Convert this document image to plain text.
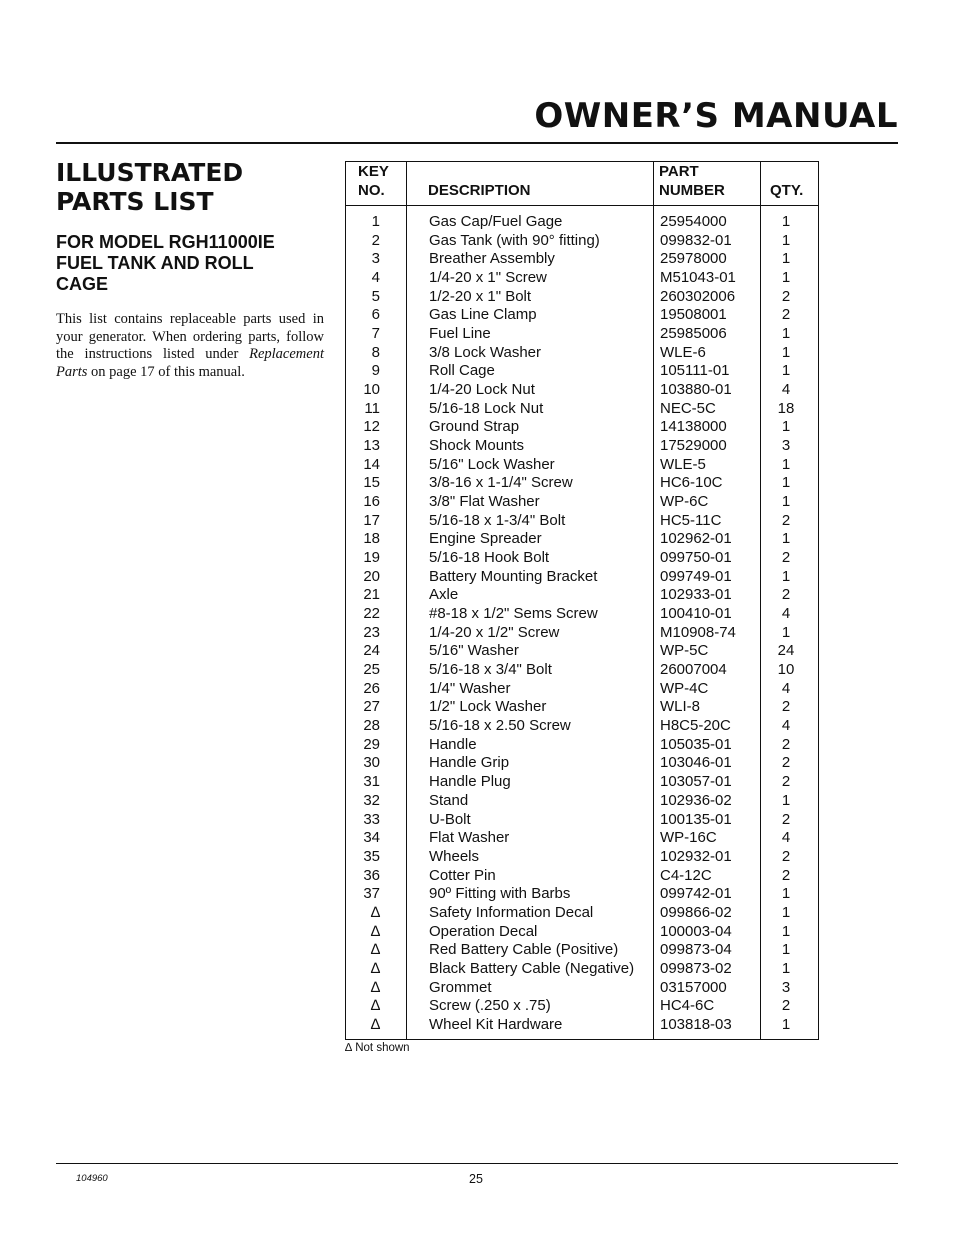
OWNER’S MANUAL
ILLUSTRATED
PARTS LIST
FOR MODEL RGH11000IE
FUEL TANK AND ROLL
CAGE

This list contains replaceable parts used in your generator. When ordering parts, follow the instructions listed under Replacement Parts on page 17 of this manual.

KEY
NO.	DESCRIPTION
PART
NUMBER	QTY.
1	Gas Cap/Fuel Gage	25954000	1
2	Gas Tank (with 90° fitting)	099832-01	1
3	Breather Assembly	25978000	1
4	1/4-20 x 1" Screw	M51043-01	1
5	1/2-20 x 1" Bolt	260302006	2
6	Gas Line Clamp	19508001	2
7	Fuel Line	25985006	1
8	3/8 Lock Washer	WLE-6	1
9	Roll Cage	105111-01	1
10	1/4-20 Lock Nut	103880-01	4
11	5/16-18 Lock Nut	NEC-5C	18
12	Ground Strap	14138000	1
13	Shock Mounts	17529000	3
14	5/16" Lock Washer	WLE-5	1
15	3/8-16 x 1-1/4" Screw	HC6-10C	1
16	3/8" Flat Washer	WP-6C	1
17	5/16-18 x 1-3/4" Bolt	HC5-11C	2
18	Engine Spreader	102962-01	1
19	5/16-18 Hook Bolt	099750-01	2
20	Battery Mounting Bracket	099749-01	1
21	Axle	102933-01	2
22	#8-18 x 1/2" Sems Screw	100410-01	4
23	1/4-20 x 1/2" Screw	M10908-74	1
24	5/16" Washer	WP-5C	24
25	5/16-18 x 3/4" Bolt	26007004	10
26	1/4" Washer	WP-4C	4
27	1/2" Lock Washer	WLI-8	2
28	5/16-18 x 2.50 Screw	H8C5-20C	4
29	Handle	105035-01	2
30	Handle Grip	103046-01	2
31	Handle Plug	103057-01	2
32	Stand	102936-02	1
33	U-Bolt	100135-01	2
34	Flat Washer	WP-16C	4
35	Wheels	102932-01	2
36	Cotter Pin	C4-12C	2
37	90º Fitting with Barbs	099742-01	1
∆	Safety Information Decal	099866-02	1
∆	Operation Decal	100003-04	1
∆	Red Battery Cable (Positive)	099873-04	1
∆	Black Battery Cable (Negative) 099873-02	1
∆	Grommet	03157000	3
∆	Screw (.250 x .75)	HC4-6C	2
∆	Wheel Kit Hardware	103818-03	1
∆ Not shown
104960	25
